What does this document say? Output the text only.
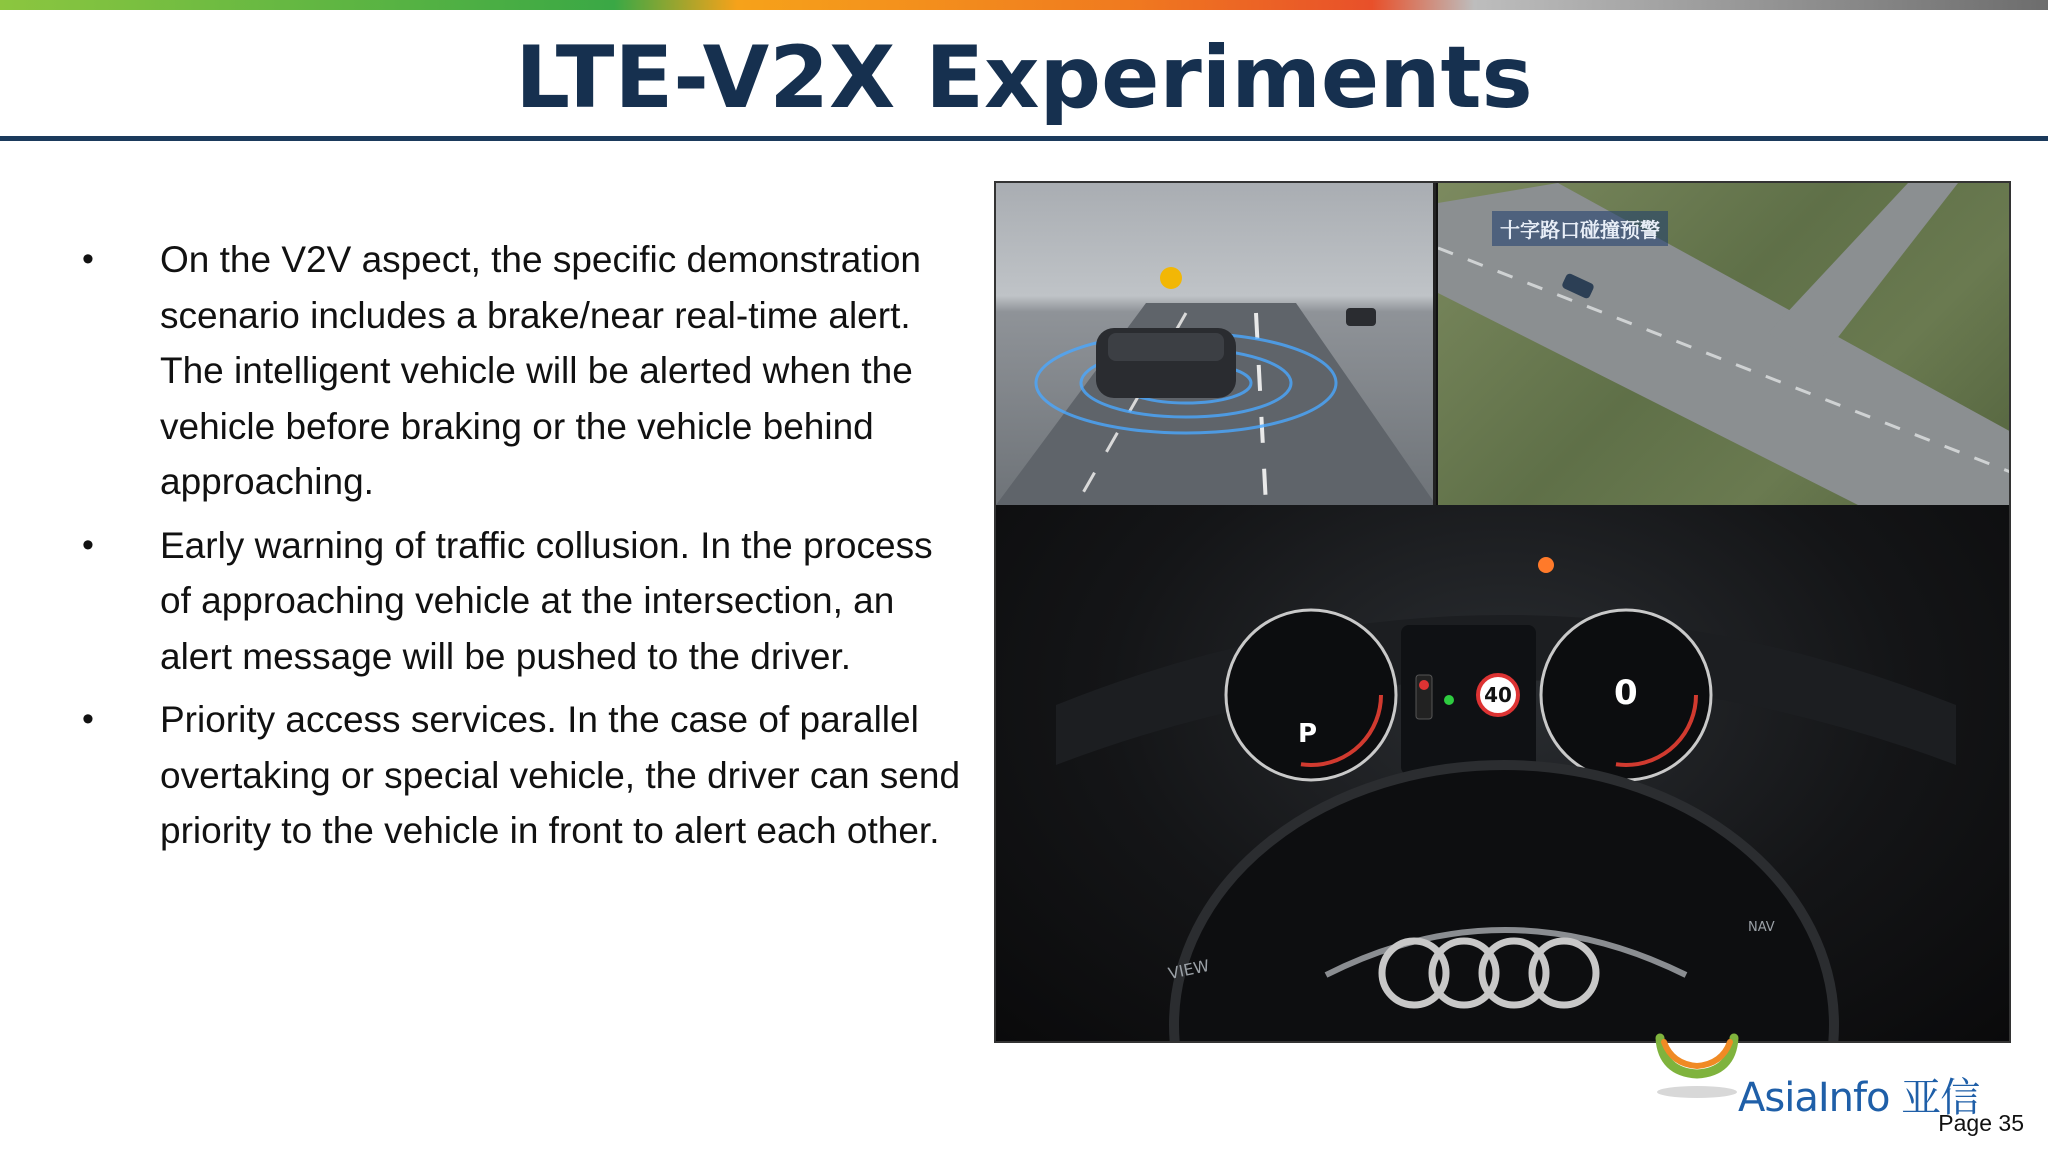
LTE-V2X Experiments
• On the V2V aspect, the specific demonstration scenario includes a brake/near real-time alert. The intelligent vehicle will be alerted when the vehicle before braking or the vehicle behind approaching.
• Early warning of traffic collusion. In the process of approaching vehicle at the intersection, an alert message will be pushed to the driver.
• Priority access services. In the case of parallel overtaking or special vehicle, the driver can send priority to the vehicle in front to alert each other.
十字路口碰撞预警
40	0
P
VIEW
NAV
AsiaInfo 亚信
Page 35
